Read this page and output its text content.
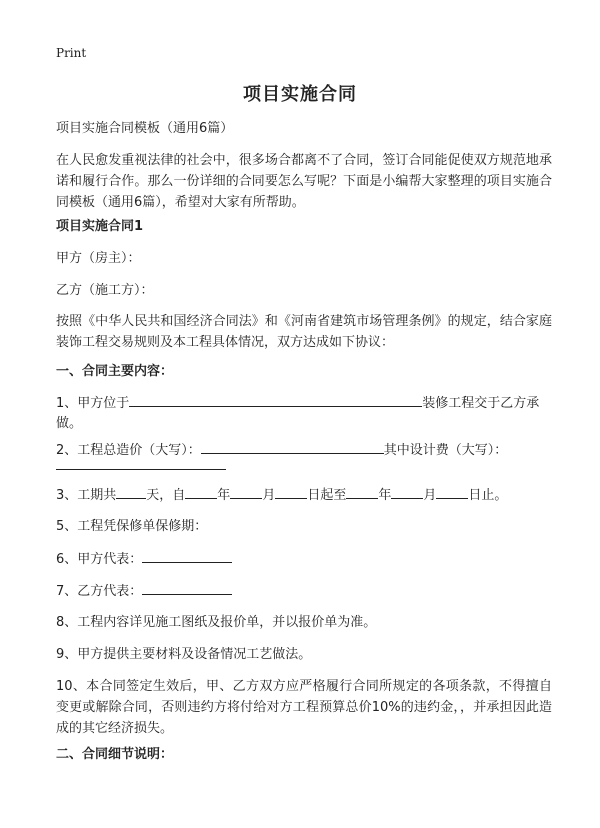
Print
项目实施合同
项目实施合同模板（通用6篇）
在人民愈发重视法律的社会中，很多场合都离不了合同，签订合同能促使双方规范地承诺和履行合作。那么一份详细的合同要怎么写呢？下面是小编帮大家整理的项目实施合同模板（通用6篇），希望对大家有所帮助。
项目实施合同1
甲方（房主）：
乙方（施工方）：
按照《中华人民共和国经济合同法》和《河南省建筑市场管理条例》的规定，结合家庭装饰工程交易规则及本工程具体情况，双方达成如下协议：
一、合同主要内容：
1、甲方位于	装修工程交于乙方承
做。
2、工程总造价（大写）：	其中设计费（大写）：
3、工期共 天，自 年 月 日起至 年 月 日止。
5、工程凭保修单保修期：
6、甲方代表：
7、乙方代表：
8、工程内容详见施工图纸及报价单，并以报价单为准。
9、甲方提供主要材料及设备情况工艺做法。
10、本合同签定生效后，甲、乙方双方应严格履行合同所规定的各项条款，不得擅自变更或解除合同，否则违约方将付给对方工程预算总价10%的违约金，，并承担因此造成的其它经济损失。
二、合同细节说明：
